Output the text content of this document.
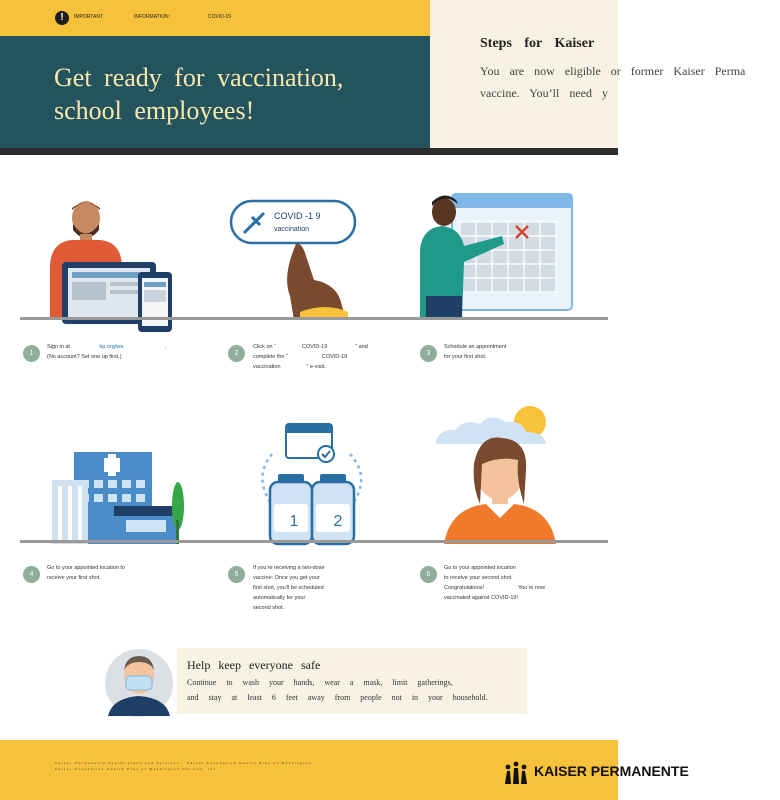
!	IMPORTANT	INFORMATION:	COVID-19
Get ready for vaccination, school employees!
Steps for Kaiser
You are now eligible or former Kaiser Perma vaccine. You’ll need y
COVID -1 9
vaccination
1
Sign in at	kp.org/wa	.
(No account? Set one up first.)	2
Click on “	COVID-19	” and
complete the “	COVID-19
vaccination	” e-visit.
3
Schedule an appointment
for your first shot.
1 2
4
Go to your appointed location to
receive your first shot.	5
If you’re receiving a two-dose
vaccine: Once you get your
first shot, you’ll be scheduled
automatically for your
second shot.
6
Go to your appointed location
to receive your second shot.
Congratulations!	You’re now
vaccinated against COVID-19!
Help keep everyone safe
Continue to wash your hands, wear a mask, limit gatherings,
and stay at least 6 feet away from people not in your household.
Kaiser Permanente health plans and services · Kaiser Foundation Health Plan of Washington · Kaiser Foundation Health Plan of Washington Options, Inc.	KAISER PERMANENTE
